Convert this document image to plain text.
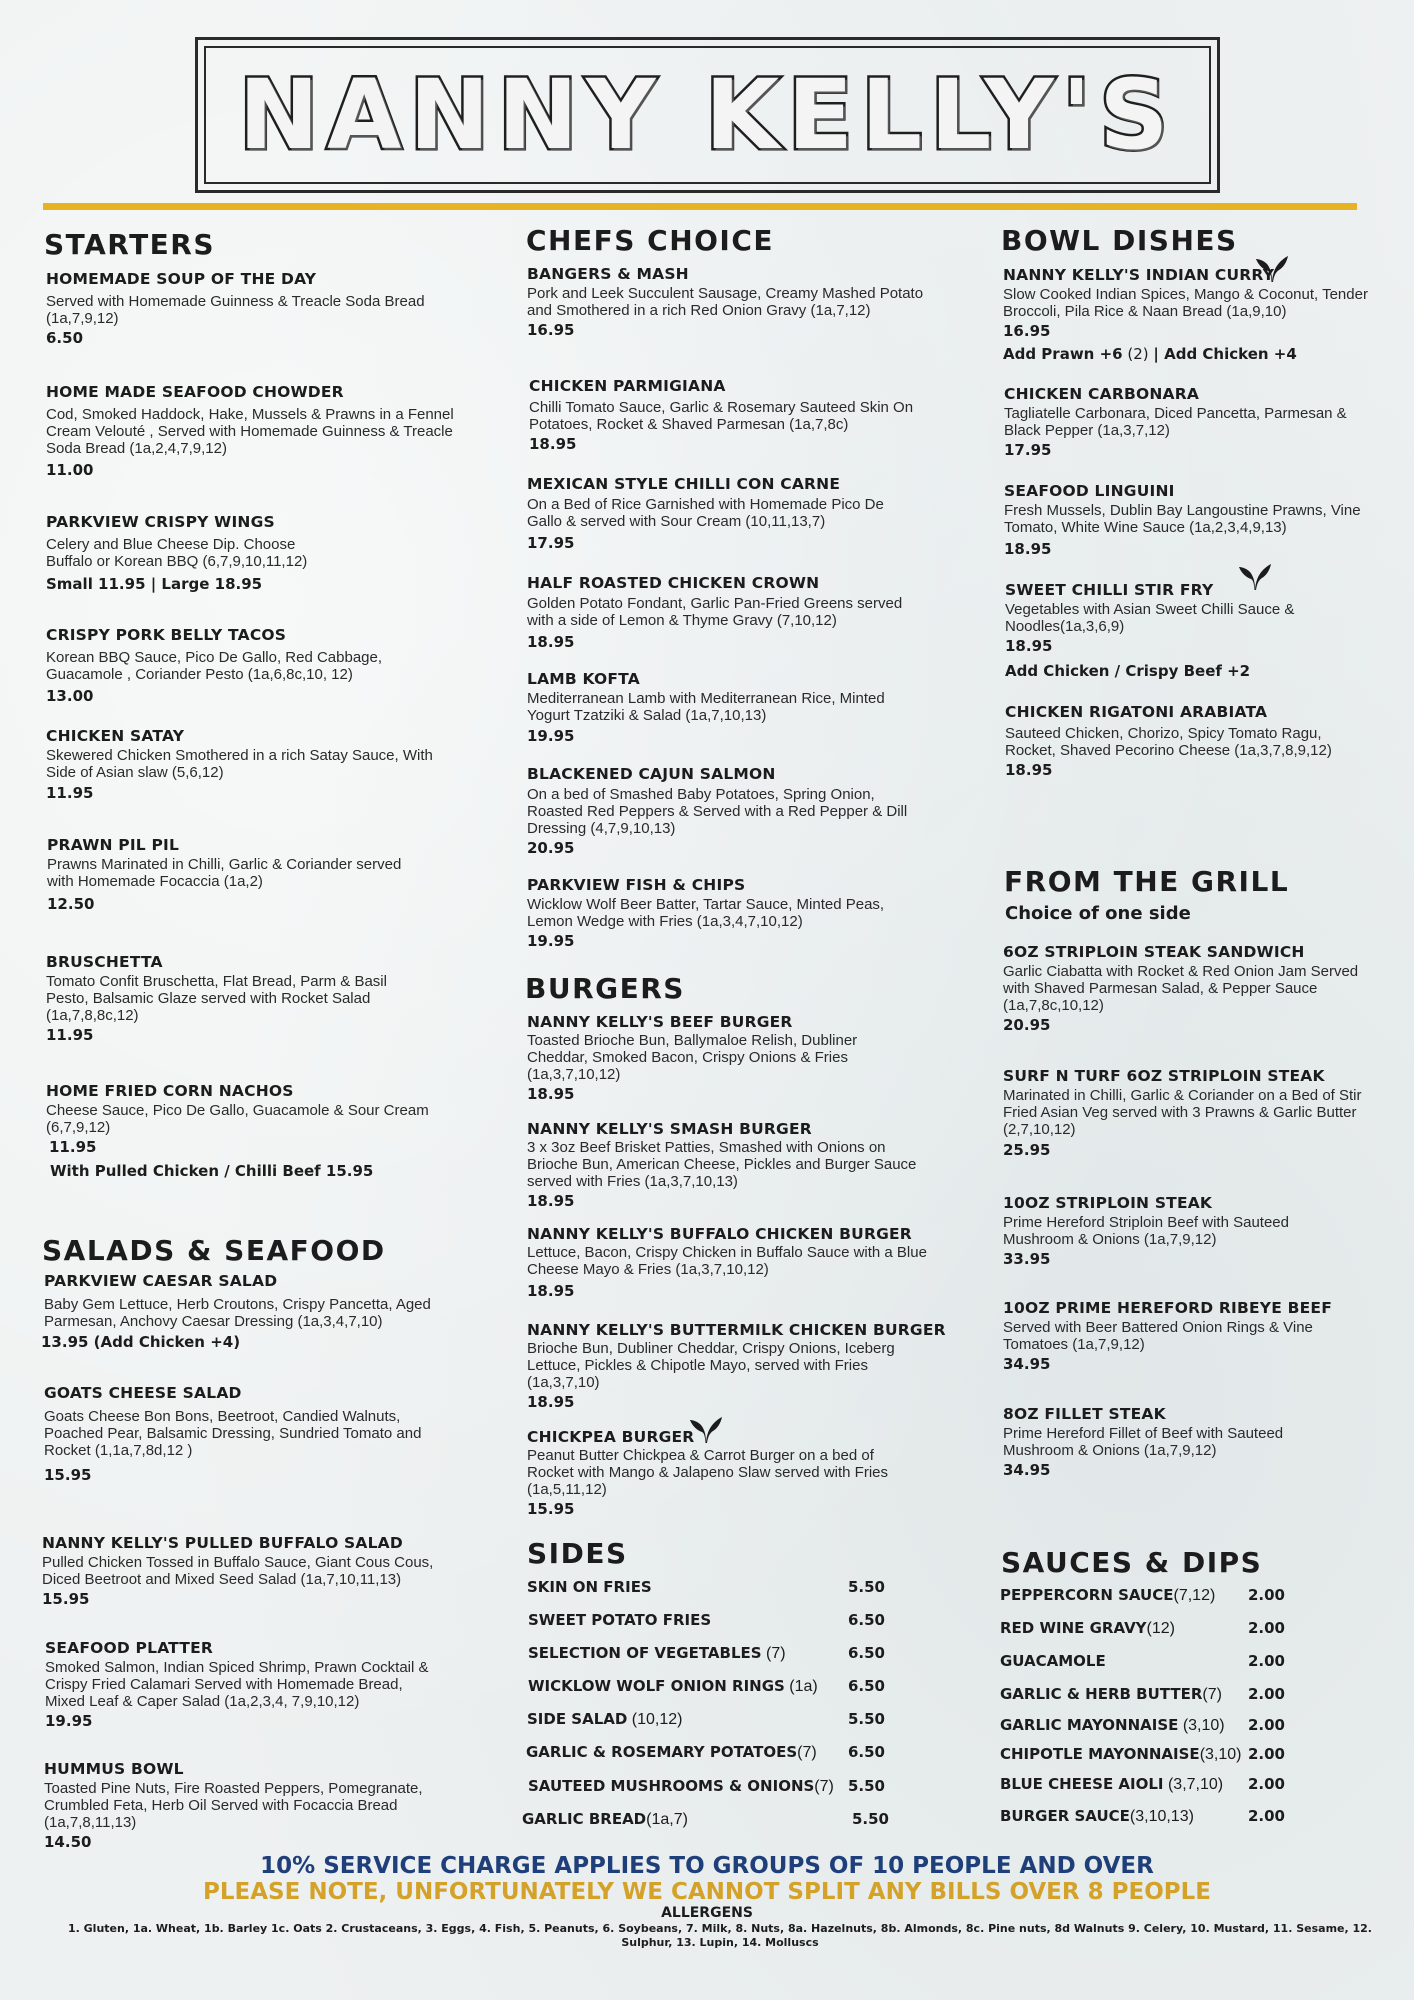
NANNY KELLY'S
STARTERS
HOMEMADE SOUP OF THE DAY
Served with Homemade Guinness & Treacle Soda Bread (1a,7,9,12)
6.50
HOME MADE SEAFOOD CHOWDER
Cod, Smoked Haddock, Hake, Mussels & Prawns in a Fennel Cream Velouté , Served with Homemade Guinness & Treacle Soda Bread (1a,2,4,7,9,12)
11.00
PARKVIEW CRISPY WINGS
Celery and Blue Cheese Dip. Choose Buffalo or Korean BBQ (6,7,9,10,11,12)
Small 11.95 | Large 18.95
CRISPY PORK BELLY TACOS
Korean BBQ Sauce, Pico De Gallo, Red Cabbage, Guacamole , Coriander Pesto (1a,6,8c,10, 12)
13.00
CHICKEN SATAY
Skewered Chicken Smothered in a rich Satay Sauce, With Side of Asian slaw (5,6,12)
11.95
PRAWN PIL PIL
Prawns Marinated in Chilli, Garlic & Coriander served with Homemade Focaccia (1a,2)
12.50
BRUSCHETTA
Tomato Confit Bruschetta, Flat Bread, Parm & Basil Pesto, Balsamic Glaze served with Rocket Salad (1a,7,8,8c,12)
11.95
HOME FRIED CORN NACHOS
Cheese Sauce, Pico De Gallo, Guacamole & Sour Cream (6,7,9,12)
11.95
With Pulled Chicken / Chilli Beef 15.95
SALADS & SEAFOOD
PARKVIEW CAESAR SALAD
Baby Gem Lettuce, Herb Croutons, Crispy Pancetta, Aged Parmesan, Anchovy Caesar Dressing (1a,3,4,7,10)
13.95 (Add Chicken +4)
GOATS CHEESE SALAD
Goats Cheese Bon Bons, Beetroot, Candied Walnuts, Poached Pear, Balsamic Dressing, Sundried Tomato and Rocket (1,1a,7,8d,12 )
15.95
NANNY KELLY'S PULLED BUFFALO SALAD
Pulled Chicken Tossed in Buffalo Sauce, Giant Cous Cous, Diced Beetroot and Mixed Seed Salad (1a,7,10,11,13)
15.95
SEAFOOD PLATTER
Smoked Salmon, Indian Spiced Shrimp, Prawn Cocktail & Crispy Fried Calamari Served with Homemade Bread, Mixed Leaf & Caper Salad (1a,2,3,4, 7,9,10,12)
19.95
HUMMUS BOWL
Toasted Pine Nuts, Fire Roasted Peppers, Pomegranate, Crumbled Feta, Herb Oil Served with Focaccia Bread (1a,7,8,11,13)
14.50
CHEFS CHOICE
BANGERS & MASH
Pork and Leek Succulent Sausage, Creamy Mashed Potato and Smothered in a rich Red Onion Gravy (1a,7,12)
16.95
CHICKEN PARMIGIANA
Chilli Tomato Sauce, Garlic & Rosemary Sauteed Skin On Potatoes, Rocket & Shaved Parmesan (1a,7,8c)
18.95
MEXICAN STYLE CHILLI CON CARNE
On a Bed of Rice Garnished with Homemade Pico De Gallo & served with Sour Cream (10,11,13,7)
17.95
HALF ROASTED CHICKEN CROWN
Golden Potato Fondant, Garlic Pan-Fried Greens served with a side of Lemon & Thyme Gravy (7,10,12)
18.95
LAMB KOFTA
Mediterranean Lamb with Mediterranean Rice, Minted Yogurt Tzatziki & Salad (1a,7,10,13)
19.95
BLACKENED CAJUN SALMON
On a bed of Smashed Baby Potatoes, Spring Onion, Roasted Red Peppers & Served with a Red Pepper & Dill Dressing (4,7,9,10,13)
20.95
PARKVIEW FISH & CHIPS
Wicklow Wolf Beer Batter, Tartar Sauce, Minted Peas, Lemon Wedge with Fries (1a,3,4,7,10,12)
19.95
BURGERS
NANNY KELLY'S BEEF BURGER
Toasted Brioche Bun, Ballymaloe Relish, Dubliner Cheddar, Smoked Bacon, Crispy Onions & Fries (1a,3,7,10,12)
18.95
NANNY KELLY'S SMASH BURGER
3 x 3oz Beef Brisket Patties, Smashed with Onions on Brioche Bun, American Cheese, Pickles and Burger Sauce served with Fries (1a,3,7,10,13)
18.95
NANNY KELLY'S BUFFALO CHICKEN BURGER
Lettuce, Bacon, Crispy Chicken in Buffalo Sauce with a Blue Cheese Mayo & Fries (1a,3,7,10,12)
18.95
NANNY KELLY'S BUTTERMILK CHICKEN BURGER
Brioche Bun, Dubliner Cheddar, Crispy Onions, Iceberg Lettuce, Pickles & Chipotle Mayo, served with Fries (1a,3,7,10)
18.95
CHICKPEA BURGER
Peanut Butter Chickpea & Carrot Burger on a bed of Rocket with Mango & Jalapeno Slaw served with Fries (1a,5,11,12)
15.95
SIDES
SKIN ON FRIES	5.50
SWEET POTATO FRIES	6.50
SELECTION OF VEGETABLES (7)	6.50
WICKLOW WOLF ONION RINGS (1a) 6.50
SIDE SALAD (10,12)	5.50
GARLIC & ROSEMARY POTATOES(7) 6.50
SAUTEED MUSHROOMS & ONIONS(7) 5.50
GARLIC BREAD(1a,7)	5.50
BOWL DISHES
NANNY KELLY'S INDIAN CURRY
Slow Cooked Indian Spices, Mango & Coconut, Tender Broccoli, Pila Rice & Naan Bread (1a,9,10)
16.95
Add Prawn +6 (2) | Add Chicken +4
CHICKEN CARBONARA
Tagliatelle Carbonara, Diced Pancetta, Parmesan & Black Pepper (1a,3,7,12)
17.95
SEAFOOD LINGUINI
Fresh Mussels, Dublin Bay Langoustine Prawns, Vine Tomato, White Wine Sauce (1a,2,3,4,9,13)
18.95
SWEET CHILLI STIR FRY
Vegetables with Asian Sweet Chilli Sauce & Noodles(1a,3,6,9)
18.95
Add Chicken / Crispy Beef +2
CHICKEN RIGATONI ARABIATA
Sauteed Chicken, Chorizo, Spicy Tomato Ragu, Rocket, Shaved Pecorino Cheese (1a,3,7,8,9,12)
18.95
FROM THE GRILL
Choice of one side
6OZ STRIPLOIN STEAK SANDWICH
Garlic Ciabatta with Rocket & Red Onion Jam Served with Shaved Parmesan Salad, & Pepper Sauce (1a,7,8c,10,12)
20.95
SURF N TURF 6OZ STRIPLOIN STEAK
Marinated in Chilli, Garlic & Coriander on a Bed of Stir Fried Asian Veg served with 3 Prawns & Garlic Butter (2,7,10,12)
25.95
10OZ STRIPLOIN STEAK
Prime Hereford Striploin Beef with Sauteed Mushroom & Onions (1a,7,9,12)
33.95
10OZ PRIME HEREFORD RIBEYE BEEF
Served with Beer Battered Onion Rings & Vine Tomatoes (1a,7,9,12)
34.95
8OZ FILLET STEAK
Prime Hereford Fillet of Beef with Sauteed Mushroom & Onions (1a,7,9,12)
34.95
SAUCES & DIPS
PEPPERCORN SAUCE(7,12) 2.00
RED WINE GRAVY(12)	2.00
GUACAMOLE	2.00
GARLIC & HERB BUTTER(7) 2.00
GARLIC MAYONNAISE (3,10) 2.00
CHIPOTLE MAYONNAISE(3,10) 2.00
BLUE CHEESE AIOLI (3,7,10) 2.00
BURGER SAUCE(3,10,13)	2.00
10% SERVICE CHARGE APPLIES TO GROUPS OF 10 PEOPLE AND OVER
PLEASE NOTE, UNFORTUNATELY WE CANNOT SPLIT ANY BILLS OVER 8 PEOPLE
ALLERGENS
1. Gluten, 1a. Wheat, 1b. Barley 1c. Oats 2. Crustaceans, 3. Eggs, 4. Fish, 5. Peanuts, 6. Soybeans, 7. Milk, 8. Nuts, 8a. Hazelnuts, 8b. Almonds, 8c. Pine nuts, 8d Walnuts 9. Celery, 10. Mustard, 11. Sesame, 12. Sulphur, 13. Lupin, 14. Molluscs
